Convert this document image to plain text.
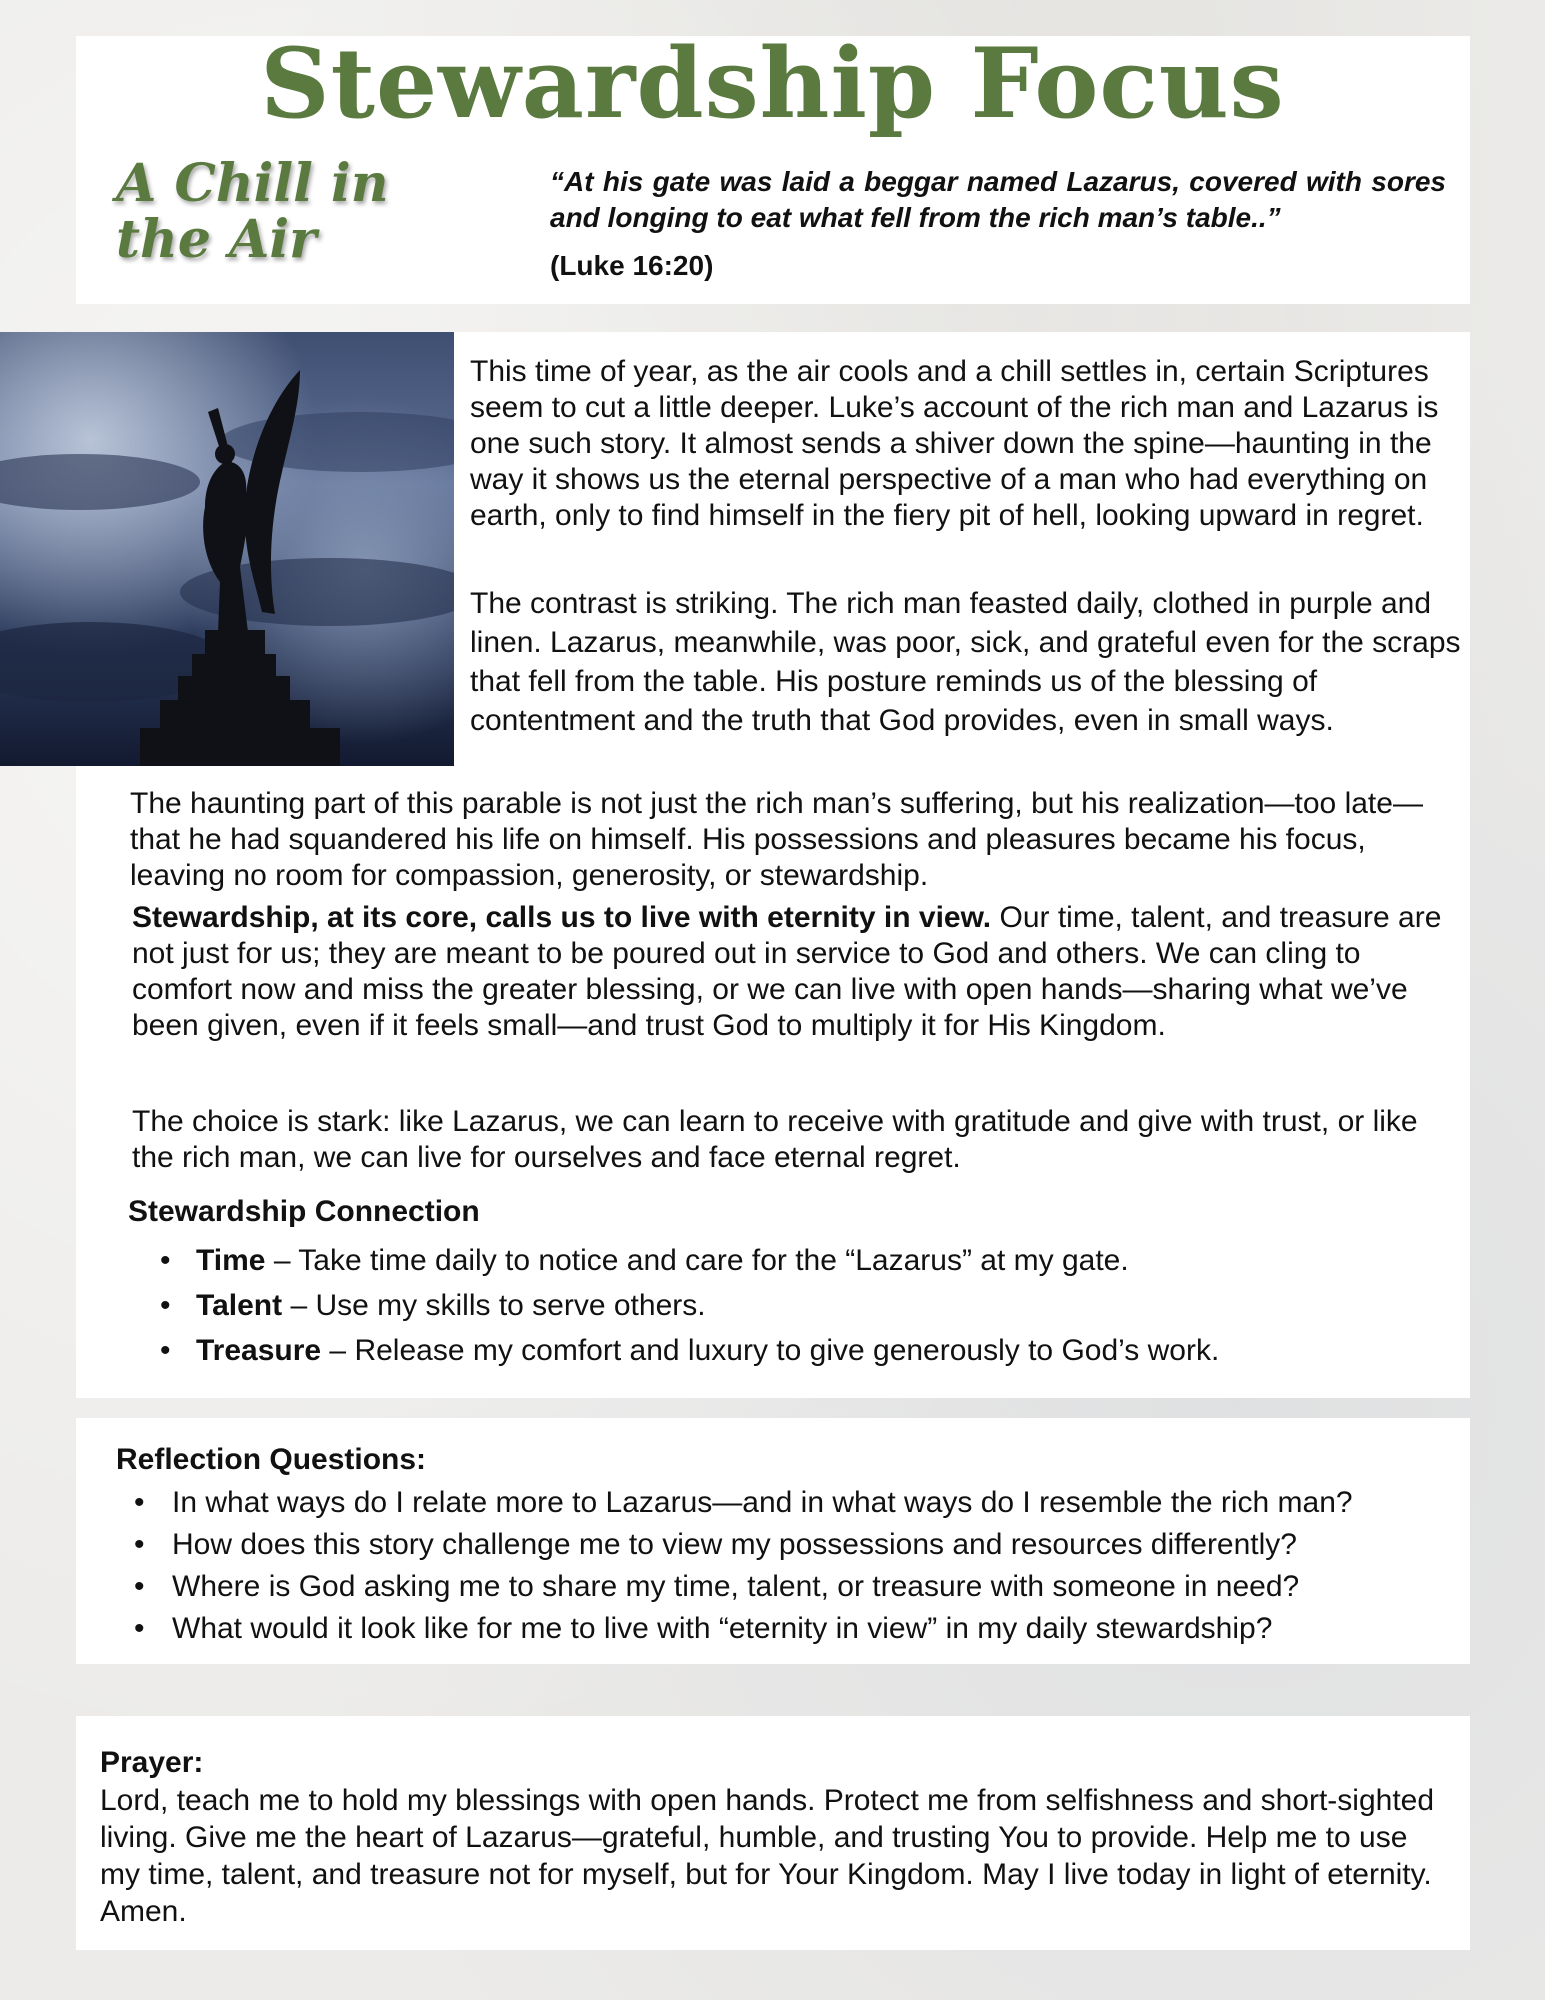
Stewardship Focus
A Chill in the Air

“At his gate was laid a beggar named Lazarus, covered with sores and longing to eat what fell from the rich man’s table..”

(Luke 16:20)

This time of year, as the air cools and a chill settles in, certain Scriptures seem to cut a little deeper. Luke’s account of the rich man and Lazarus is one such story. It almost sends a shiver down the spine—haunting in the way it shows us the eternal perspective of a man who had everything on earth, only to find himself in the fiery pit of hell, looking upward in regret.

The contrast is striking. The rich man feasted daily, clothed in purple and linen. Lazarus, meanwhile, was poor, sick, and grateful even for the scraps that fell from the table. His posture reminds us of the blessing of contentment and the truth that God provides, even in small ways.

The haunting part of this parable is not just the rich man’s suffering, but his realization—too late—that he had squandered his life on himself. His possessions and pleasures became his focus, leaving no room for compassion, generosity, or stewardship.

Stewardship, at its core, calls us to live with eternity in view. Our time, talent, and treasure are not just for us; they are meant to be poured out in service to God and others. We can cling to comfort now and miss the greater blessing, or we can live with open hands—sharing what we’ve been given, even if it feels small—and trust God to multiply it for His Kingdom.

The choice is stark: like Lazarus, we can learn to receive with gratitude and give with trust, or like the rich man, we can live for ourselves and face eternal regret.

Stewardship Connection
• Time – Take time daily to notice and care for the “Lazarus” at my gate.
• Talent – Use my skills to serve others.
• Treasure – Release my comfort and luxury to give generously to God’s work.
Reflection Questions:
• In what ways do I relate more to Lazarus—and in what ways do I resemble the rich man?
• How does this story challenge me to view my possessions and resources differently?
• Where is God asking me to share my time, talent, or treasure with someone in need?
• What would it look like for me to live with “eternity in view” in my daily stewardship?
Prayer:

Lord, teach me to hold my blessings with open hands. Protect me from selfishness and short-sighted living. Give me the heart of Lazarus—grateful, humble, and trusting You to provide. Help me to use my time, talent, and treasure not for myself, but for Your Kingdom. May I live today in light of eternity. Amen.
